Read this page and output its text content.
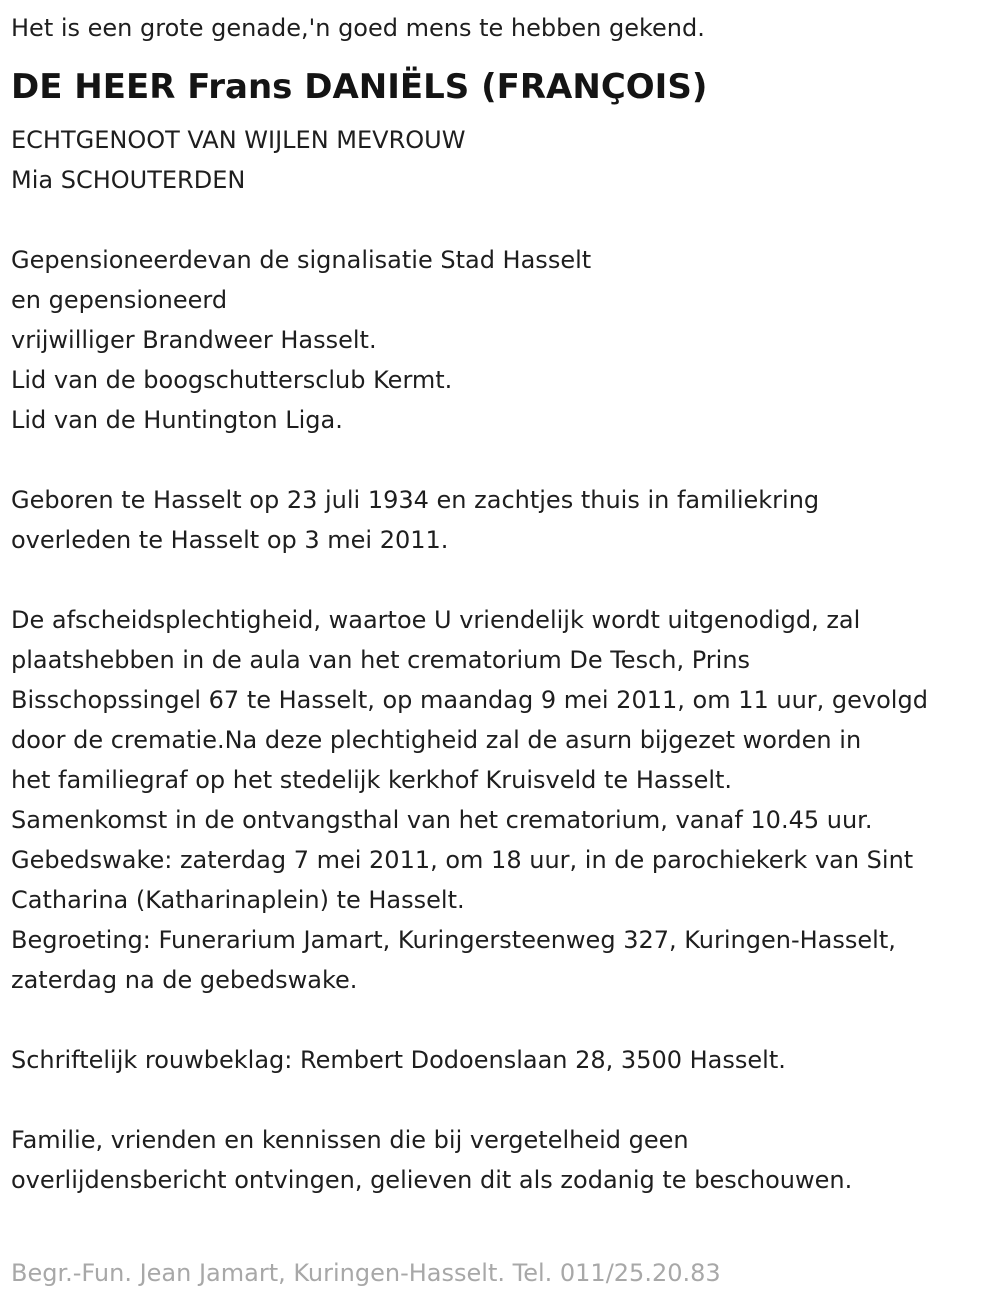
Het is een grote genade,'n goed mens te hebben gekend.

DE HEER Frans DANIËLS (FRANÇOIS)

ECHTGENOOT VAN WIJLEN MEVROUW

Mia SCHOUTERDEN

Gepensioneerdevan de signalisatie Stad Hasselt

en gepensioneerd

vrijwilliger Brandweer Hasselt.

Lid van de boogschuttersclub Kermt.

Lid van de Huntington Liga.

Geboren te Hasselt op 23 juli 1934 en zachtjes thuis in familiekring

overleden te Hasselt op 3 mei 2011.

De afscheidsplechtigheid, waartoe U vriendelijk wordt uitgenodigd, zal

plaatshebben in de aula van het crematorium De Tesch, Prins

Bisschopssingel 67 te Hasselt, op maandag 9 mei 2011, om 11 uur, gevolgd

door de crematie.Na deze plechtigheid zal de asurn bijgezet worden in

het familiegraf op het stedelijk kerkhof Kruisveld te Hasselt.

Samenkomst in de ontvangsthal van het crematorium, vanaf 10.45 uur.

Gebedswake: zaterdag 7 mei 2011, om 18 uur, in de parochiekerk van Sint

Catharina (Katharinaplein) te Hasselt.

Begroeting: Funerarium Jamart, Kuringersteenweg 327, Kuringen-Hasselt,

zaterdag na de gebedswake.

Schriftelijk rouwbeklag: Rembert Dodoenslaan 28, 3500 Hasselt.

Familie, vrienden en kennissen die bij vergetelheid geen

overlijdensbericht ontvingen, gelieven dit als zodanig te beschouwen.

Begr.-Fun. Jean Jamart, Kuringen-Hasselt. Tel. 011/25.20.83
